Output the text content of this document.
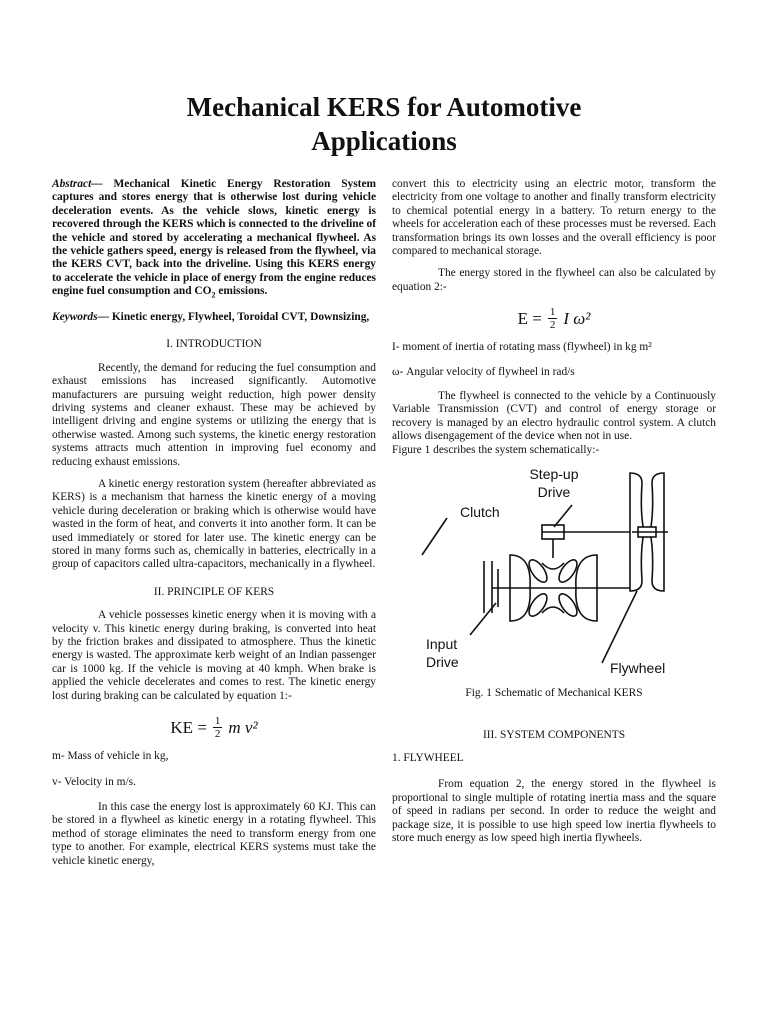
Mechanical KERS for Automotive
Applications

Abstract— Mechanical Kinetic Energy Restoration System captures and stores energy that is otherwise lost during vehicle deceleration events. As the vehicle slows, kinetic energy is recovered through the KERS which is connected to the driveline of the vehicle and stored by accelerating a mechanical flywheel. As the vehicle gathers speed, energy is released from the flywheel, via the KERS CVT, back into the driveline. Using this KERS energy to accelerate the vehicle in place of energy from the engine reduces engine fuel consumption and $CO_2$ emissions.

Keywords— Kinetic energy, Flywheel, Toroidal CVT, Downsizing,

I. INTRODUCTION

Recently, the demand for reducing the fuel consumption and exhaust emissions has increased significantly. Automotive manufacturers are pursuing weight reduction, high power density driving systems and cleaner exhaust. These may be achieved by intelligent driving and engine systems or utilizing the energy that is otherwise wasted. Among such systems, the kinetic energy restoration systems attracts much attention in improving fuel economy and reducing exhaust emissions.

A kinetic energy restoration system (hereafter abbreviated as KERS) is a mechanism that harness the kinetic energy of a moving vehicle during deceleration or braking which is otherwise would have wasted in the form of heat, and converts it into another form. It can be used immediately or stored for later use. The kinetic energy can be stored in many forms such as, chemically in batteries, electrically in a group of capacitors called ultra-capacitors, mechanically in a flywheel.

II. PRINCIPLE OF KERS

A vehicle possesses kinetic energy when it is moving with a velocity v. This kinetic energy during braking, is converted into heat by the friction brakes and dissipated to atmosphere. Thus the kinetic energy is wasted. The approximate kerb weight of an Indian passenger car is 1000 kg. If the vehicle is moving at 40 kmph. When brake is applied the vehicle decelerates and comes to rest. The kinetic energy lost during braking can be calculated by equation 1:-

KE = $\frac{1}{2}$ m v²

m- Mass of vehicle in kg,

v- Velocity in m/s.

In this case the energy lost is approximately 60 KJ. This can be stored in a flywheel as kinetic energy in a rotating flywheel. This method of storage eliminates the need to transform energy from one type to another. For example, electrical KERS systems must take the vehicle kinetic energy,

convert this to electricity using an electric motor, transform the electricity from one voltage to another and finally transform electricity to chemical potential energy in a battery. To return energy to the wheels for acceleration each of these processes must be reversed. Each transformation brings its own losses and the overall efficiency is poor compared to mechanical storage.

The energy stored in the flywheel can also be calculated by equation 2:-

$E = \frac{1}{2}$ I ω²

I- moment of inertia of rotating mass (flywheel) in kg m²

ω- Angular velocity of flywheel in rad/s

The flywheel is connected to the vehicle by a Continuously Variable Transmission (CVT) and control of energy storage or recovery is managed by an electro hydraulic control system. A clutch allows disengagement of the device when not in use.

Figure 1 describes the system schematically:-

Step-up
Drive
Clutch
Input
Drive	Flywheel
Fig. 1 Schematic of Mechanical KERS
III. SYSTEM COMPONENTS

1. FLYWHEEL

From equation 2, the energy stored in the flywheel is proportional to single multiple of rotating inertia mass and the square of speed in radians per second. In order to reduce the weight and package size, it is possible to use high speed low inertia flywheels to store much energy as low speed high inertia flywheels.
